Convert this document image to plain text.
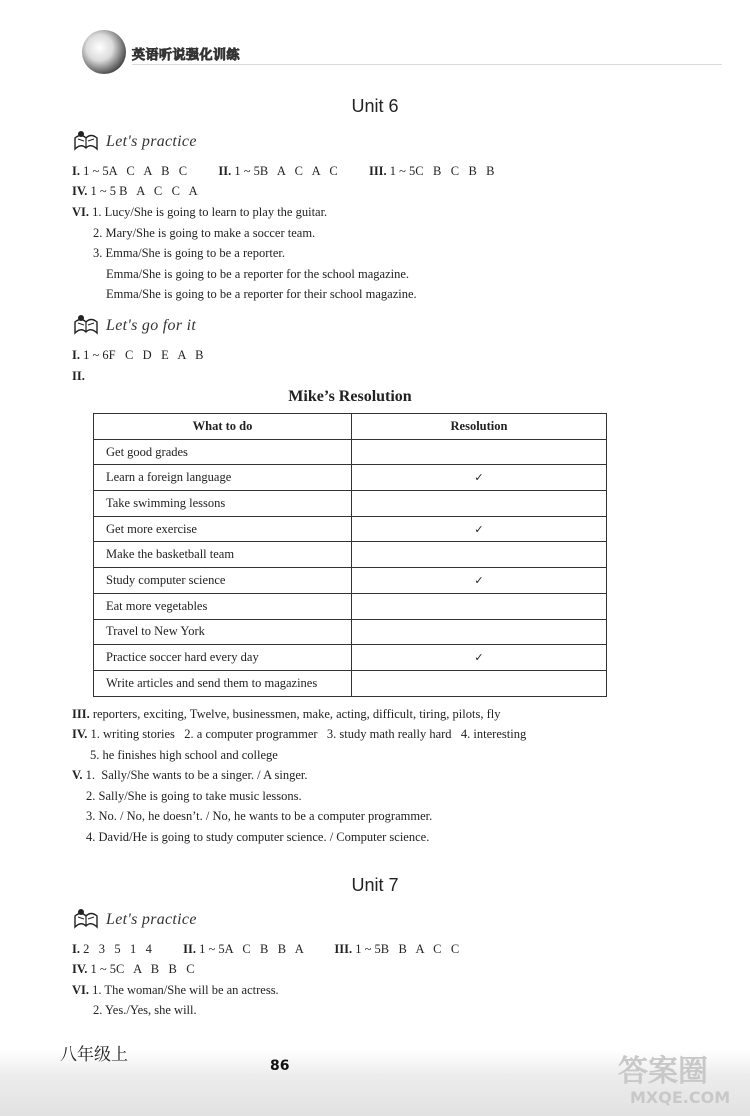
英语听说强化训练
Unit 6
Let's practice
I. 1 ~ 5A   C   A   B   C	II. 1 ~ 5B   A   C   A   C	III. 1 ~ 5C   B   C   B   B
IV. 1 ~ 5 B   A   C   C   A
VI. 1. Lucy/She is going to learn to play the guitar.
2. Mary/She is going to make a soccer team.
3. Emma/She is going to be a reporter.
Emma/She is going to be a reporter for the school magazine.
Emma/She is going to be a reporter for their school magazine.
Let's go for it
I. 1 ~ 6F   C   D   E   A   B
II.
Mike’s Resolution
What to do	Resolution
Get good grades	
Learn a foreign language	✓
Take swimming lessons	
Get more exercise	✓
Make the basketball team	
Study computer science	✓
Eat more vegetables	
Travel to New York	
Practice soccer hard every day	✓
Write articles and send them to magazines	
III. reporters, exciting, Twelve, businessmen, make, acting, difficult, tiring, pilots, fly
IV. 1. writing stories   2. a computer programmer   3. study math really hard   4. interesting
5. he finishes high school and college
V. 1.  Sally/She wants to be a singer. / A singer.
2. Sally/She is going to take music lessons.
3. No. / No, he doesn’t. / No, he wants to be a computer programmer.
4. David/He is going to study computer science. / Computer science.
Unit 7
Let's practice
I. 2   3   5   1   4	II. 1 ~ 5A   C   B   B   A	III. 1 ~ 5B   B   A   C   C
IV. 1 ~ 5C   A   B   B   C
VI. 1. The woman/She will be an actress.
2. Yes./Yes, she will.
八年级上
86	答案圈
MXQE.COM
